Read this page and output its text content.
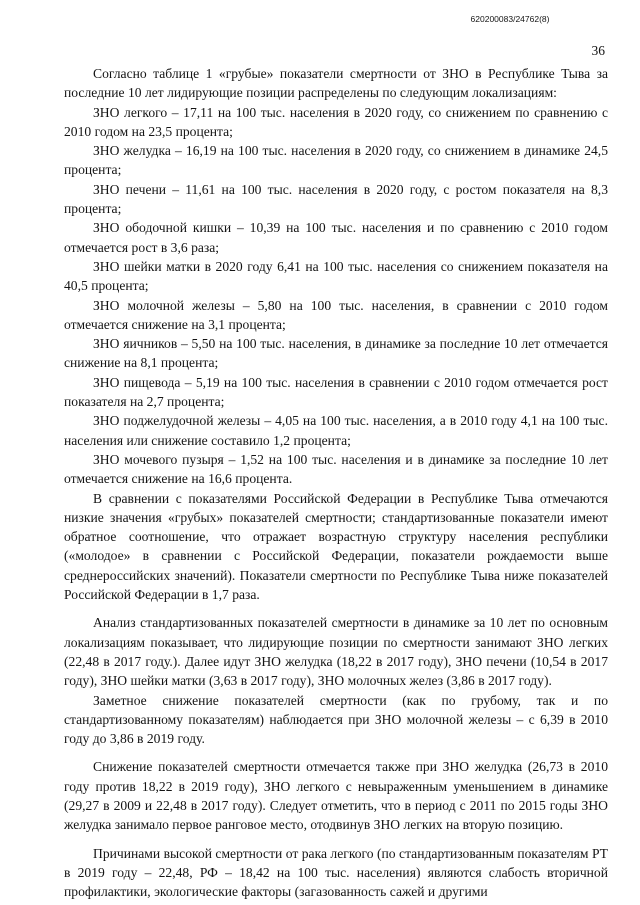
620200083/24762(8)
36

Согласно таблице 1 «грубые» показатели смертности от ЗНО в Республике Тыва за последние 10 лет лидирующие позиции распределены по следующим локализациям:

ЗНО легкого – 17,11 на 100 тыс. населения в 2020 году, со снижением по сравнению с 2010 годом на 23,5 процента;

ЗНО желудка – 16,19 на 100 тыс. населения в 2020 году, со снижением в динамике 24,5 процента;

ЗНО печени – 11,61 на 100 тыс. населения в 2020 году, с ростом показателя на 8,3 процента;

ЗНО ободочной кишки – 10,39 на 100 тыс. населения и по сравнению с 2010 годом отмечается рост в 3,6 раза;

ЗНО шейки матки в 2020 году 6,41 на 100 тыс. населения со снижением показателя на 40,5 процента;

ЗНО молочной железы – 5,80 на 100 тыс. населения, в сравнении с 2010 годом отмечается снижение на 3,1 процента;

ЗНО яичников – 5,50 на 100 тыс. населения, в динамике за последние 10 лет отмечается снижение на 8,1 процента;

ЗНО пищевода – 5,19 на 100 тыс. населения в сравнении с 2010 годом отмечается рост показателя на 2,7 процента;

ЗНО поджелудочной железы – 4,05 на 100 тыс. населения, а в 2010 году 4,1 на 100 тыс. населения или снижение составило 1,2 процента;

ЗНО мочевого пузыря – 1,52 на 100 тыс. населения и в динамике за последние 10 лет отмечается снижение на 16,6 процента.

В сравнении с показателями Российской Федерации в Республике Тыва отмечаются низкие значения «грубых» показателей смертности; стандартизованные показатели имеют обратное соотношение, что отражает возрастную структуру населения республики («молодое» в сравнении с Российской Федерации, показатели рождаемости выше среднероссийских значений). Показатели смертности по Республике Тыва ниже показателей Российской Федерации в 1,7 раза.

Анализ стандартизованных показателей смертности в динамике за 10 лет по основным локализациям показывает, что лидирующие позиции по смертности занимают ЗНО легких (22,48 в 2017 году.). Далее идут ЗНО желудка (18,22 в 2017 году), ЗНО печени (10,54 в 2017 году), ЗНО шейки матки (3,63 в 2017 году), ЗНО молочных желез (3,86 в 2017 году).

Заметное снижение показателей смертности (как по грубому, так и по стандартизованному показателям) наблюдается при ЗНО молочной железы – с 6,39 в 2010 году до 3,86 в 2019 году.

Снижение показателей смертности отмечается также при ЗНО желудка (26,73 в 2010 году против 18,22 в 2019 году), ЗНО легкого с невыраженным уменьшением в динамике (29,27 в 2009 и 22,48 в 2017 году). Следует отметить, что в период с 2011 по 2015 годы ЗНО желудка занимало первое ранговое место, отодвинув ЗНО легких на вторую позицию.

Причинами высокой смертности от рака легкого (по стандартизованным показателям РТ в 2019 году – 22,48, РФ – 18,42 на 100 тыс. населения) являются слабость вторичной профилактики, экологические факторы (загазованность сажей и другими
